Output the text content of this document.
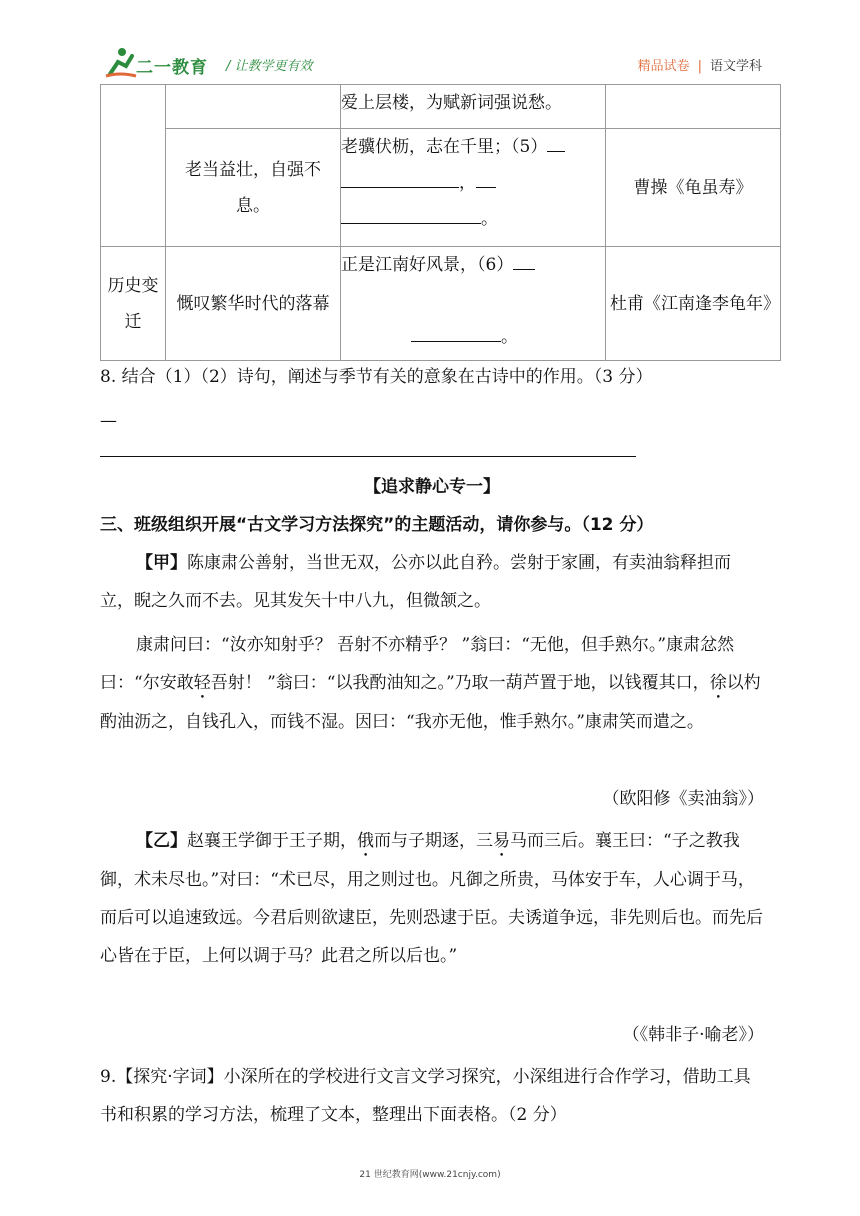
二一教育 / 让教学更有效	精品试卷 | 语文学科
		爱上层楼，为赋新词强说愁。	
	老当益壮，自强不息。	老骥伏枥，志在千里；（5）
，
。	曹操《龟虽寿》
历史变迁	慨叹繁华时代的落幕	正是江南好风景，（6）
。	杜甫《江南逢李龟年》

8. 结合（1）（2）诗句，阐述与季节有关的意象在古诗中的作用。（3 分）

—

【追求静心专一】

三、班级组织开展“古文学习方法探究”的主题活动，请你参与。（12 分）

【甲】陈康肃公善射，当世无双，公亦以此自矜。尝射于家圃，有卖油翁释担而立，睨之久而不去。见其发矢十中八九，但微颔之。

康肃问曰：“汝亦知射乎？ 吾射不亦精乎？ ”翁曰：“无他，但手熟尔。”康肃忿然曰：“尔安敢轻吾射！ ”翁曰：“以我酌油知之。”乃取一葫芦置于地，以钱覆其口，徐以杓酌油沥之，自钱孔入，而钱不湿。因曰：“我亦无他，惟手熟尔。”康肃笑而遣之。

（欧阳修《卖油翁》）

【乙】赵襄王学御于王子期，俄而与子期逐，三易马而三后。襄王曰：“子之教我御，术未尽也。”对曰：“术已尽，用之则过也。凡御之所贵，马体安于车，人心调于马，而后可以追速致远。今君后则欲逮臣，先则恐逮于臣。夫诱道争远，非先则后也。而先后心皆在于臣，上何以调于马？此君之所以后也。”

（《韩非子·喻老》）

9.【探究·字词】小深所在的学校进行文言文学习探究，小深组进行合作学习，借助工具书和积累的学习方法，梳理了文本，整理出下面表格。（2 分）

21 世纪教育网(www.21cnjy.com)
